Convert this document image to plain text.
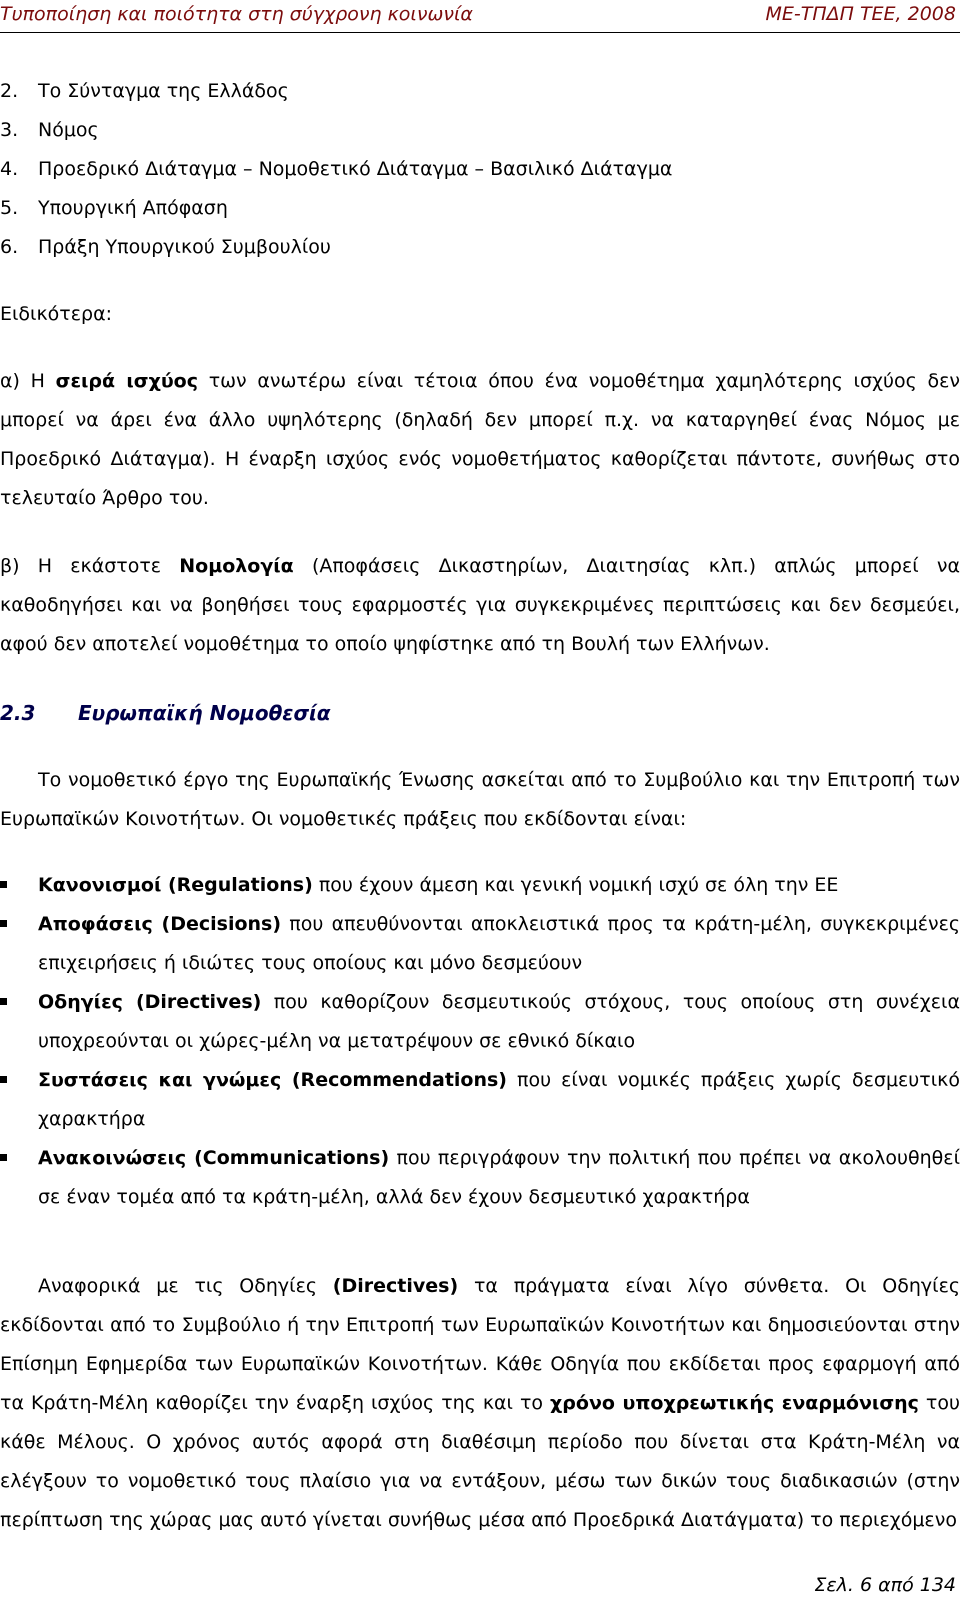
Τυποποίηση και ποιότητα στη σύγχρονη κοινωνία	ΜΕ-ΤΠΔΠ ΤΕΕ, 2008
2. Το Σύνταγμα της Ελλάδος
3. Νόμος
4. Προεδρικό Διάταγμα – Νομοθετικό Διάταγμα – Βασιλικό Διάταγμα
5. Υπουργική Απόφαση
6. Πράξη Υπουργικού Συμβουλίου
Ειδικότερα:
α) Η σειρά ισχύος των ανωτέρω είναι τέτοια όπου ένα νομοθέτημα χαμηλότερης ισχύος δεν μπορεί να άρει ένα άλλο υψηλότερης (δηλαδή δεν μπορεί π.χ. να καταργηθεί ένας Νόμος με Προεδρικό Διάταγμα). Η έναρξη ισχύος ενός νομοθετήματος καθορίζεται πάντοτε, συνήθως στο τελευταίο Άρθρο του.
β) Η εκάστοτε Νομολογία (Αποφάσεις Δικαστηρίων, Διαιτησίας κλπ.) απλώς μπορεί να καθοδηγήσει και να βοηθήσει τους εφαρμοστές για συγκεκριμένες περιπτώσεις και δεν δεσμεύει, αφού δεν αποτελεί νομοθέτημα το οποίο ψηφίστηκε από τη Βουλή των Ελλήνων.
2.3 Ευρωπαϊκή Νομοθεσία
Το νομοθετικό έργο της Ευρωπαϊκής Ένωσης ασκείται από το Συμβούλιο και την Επιτροπή των Ευρωπαϊκών Κοινοτήτων. Οι νομοθετικές πράξεις που εκδίδονται είναι:
Κανονισμοί (Regulations) που έχουν άμεση και γενική νομική ισχύ σε όλη την ΕΕ
Αποφάσεις (Decisions) που απευθύνονται αποκλειστικά προς τα κράτη-μέλη, συγκεκριμένες επιχειρήσεις ή ιδιώτες τους οποίους και μόνο δεσμεύουν
Οδηγίες (Directives) που καθορίζουν δεσμευτικούς στόχους, τους οποίους στη συνέχεια υποχρεούνται οι χώρες-μέλη να μετατρέψουν σε εθνικό δίκαιο
Συστάσεις και γνώμες (Recommendations) που είναι νομικές πράξεις χωρίς δεσμευτικό χαρακτήρα
Ανακοινώσεις (Communications) που περιγράφουν την πολιτική που πρέπει να ακολουθηθεί σε έναν τομέα από τα κράτη-μέλη, αλλά δεν έχουν δεσμευτικό χαρακτήρα
Αναφορικά με τις Οδηγίες (Directives) τα πράγματα είναι λίγο σύνθετα. Οι Οδηγίες εκδίδονται από το Συμβούλιο ή την Επιτροπή των Ευρωπαϊκών Κοινοτήτων και δημοσιεύονται στην Επίσημη Εφημερίδα των Ευρωπαϊκών Κοινοτήτων. Κάθε Οδηγία που εκδίδεται προς εφαρμογή από τα Κράτη-Μέλη καθορίζει την έναρξη ισχύος της και το χρόνο υποχρεωτικής εναρμόνισης του κάθε Μέλους. Ο χρόνος αυτός αφορά στη διαθέσιμη περίοδο που δίνεται στα Κράτη-Μέλη να ελέγξουν το νομοθετικό τους πλαίσιο για να εντάξουν, μέσω των δικών τους διαδικασιών (στην περίπτωση της χώρας μας αυτό γίνεται συνήθως μέσα από Προεδρικά Διατάγματα) το περιεχόμενο
Σελ. 6 από 134
